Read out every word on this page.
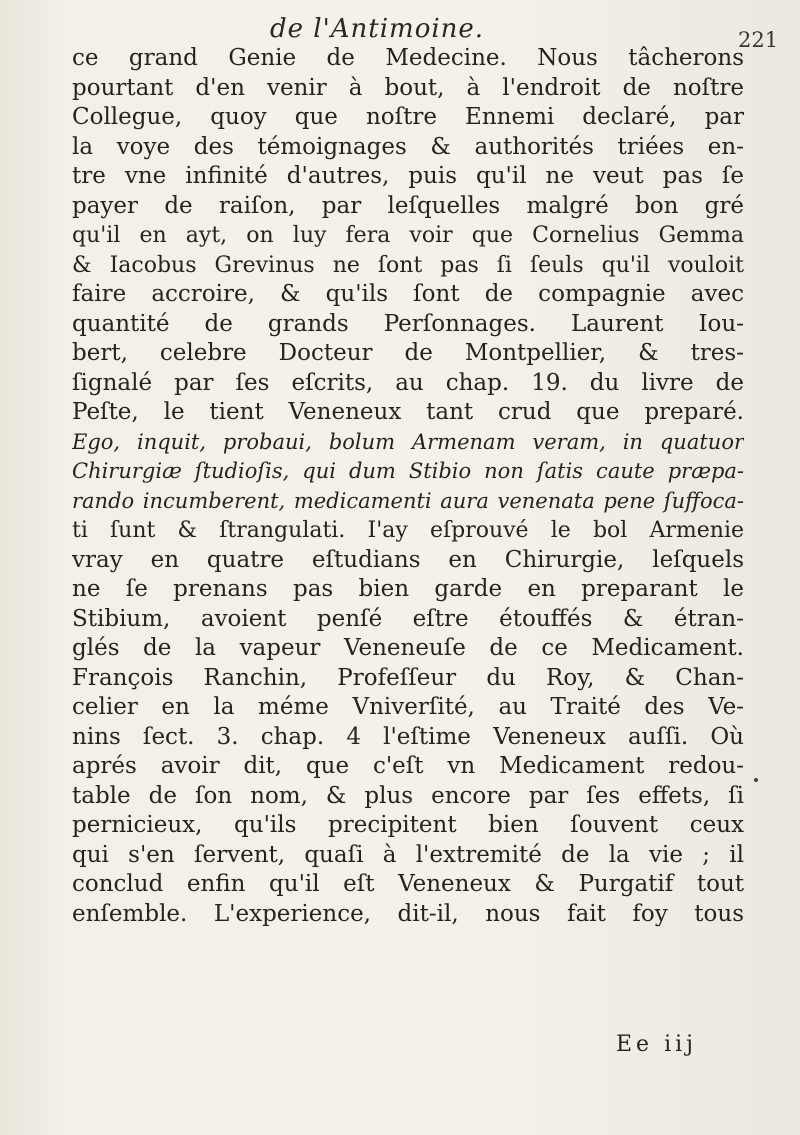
de l'Antimoine.	221
ce grand Genie de Medecine. Nous tâcherons
pourtant d'en venir à bout, à l'endroit de noſtre
Collegue, quoy que noſtre Ennemi declaré, par
la voye des témoignages & authorités triées en-
tre vne infinité d'autres, puis qu'il ne veut pas ſe
payer de raiſon, par leſquelles malgré bon gré
qu'il en ayt, on luy fera voir que Cornelius Gemma
& Iacobus Grevinus ne ſont pas ſi ſeuls qu'il vouloit
faire accroire, & qu'ils ſont de compagnie avec
quantité de grands Perſonnages. Laurent Iou-
bert, celebre Docteur de Montpellier, & tres-
ſignalé par ſes eſcrits, au chap. 19. du livre de
Peſte, le tient Veneneux tant crud que preparé.
Ego, inquit, probaui, bolum Armenam veram, in quatuor
Chirurgiæ ſtudioſis, qui dum Stibio non ſatis caute præpa-
rando incumberent, medicamenti aura venenata pene ſuffoca-
ti ſunt & ſtrangulati. I'ay eſprouvé le bol Armenie
vray en quatre eſtudians en Chirurgie, leſquels
ne ſe prenans pas bien garde en preparant le
Stibium, avoient penſé eſtre étouffés & étran-
glés de la vapeur Veneneuſe de ce Medicament.
François Ranchin, Profeſſeur du Roy, & Chan-
celier en la méme Vniverſité, au Traité des Ve-
nins ſect. 3. chap. 4 l'eſtime Veneneux auſſi. Où
aprés avoir dit, que c'eſt vn Medicament redou-
table de ſon nom, & plus encore par ſes effets, ſi
pernicieux, qu'ils precipitent bien ſouvent ceux
qui s'en ſervent, quaſi à l'extremité de la vie ; il
conclud enfin qu'il eſt Veneneux & Purgatif tout
enſemble. L'experience, dit-il, nous fait foy tous
Ee iij
